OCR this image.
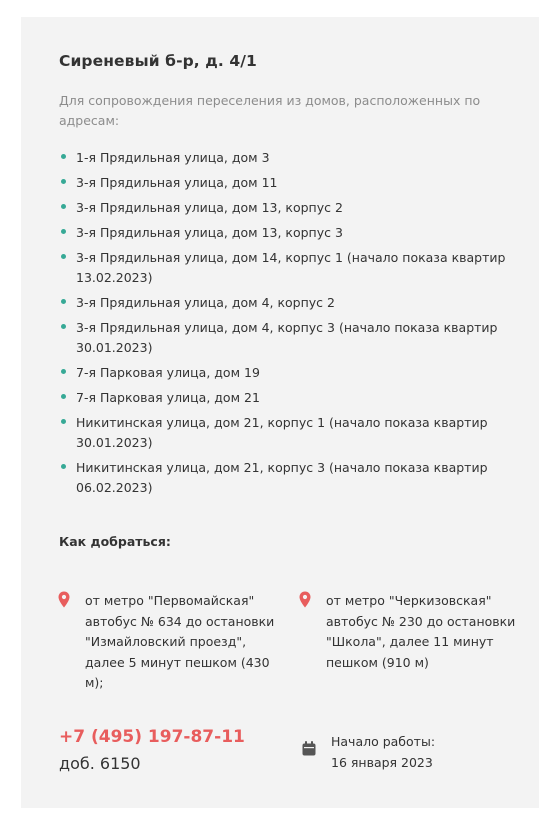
Сиреневый б-р, д. 4/1

Для сопровождения переселения из домов, расположенных по адресам:

1-я Прядильная улица, дом 3
3-я Прядильная улица, дом 11
3-я Прядильная улица, дом 13, корпус 2
3-я Прядильная улица, дом 13, корпус 3
3-я Прядильная улица, дом 14, корпус 1 (начало показа квартир 13.02.2023)
3-я Прядильная улица, дом 4, корпус 2
3-я Прядильная улица, дом 4, корпус 3 (начало показа квартир 30.01.2023)
7-я Парковая улица, дом 19
7-я Парковая улица, дом 21
Никитинская улица, дом 21, корпус 1 (начало показа квартир 30.01.2023)
Никитинская улица, дом 21, корпус 3 (начало показа квартир 06.02.2023)
Как добраться:
от метро "Первомайская" автобус № 634 до остановки "Измайловский проезд", далее 5 минут пешком (430 м);
от метро "Черкизовская" автобус № 230 до остановки "Школа", далее 11 минут пешком (910 м)
+7 (495) 197-87-11
доб. 6150
Начало работы:
16 января 2023
